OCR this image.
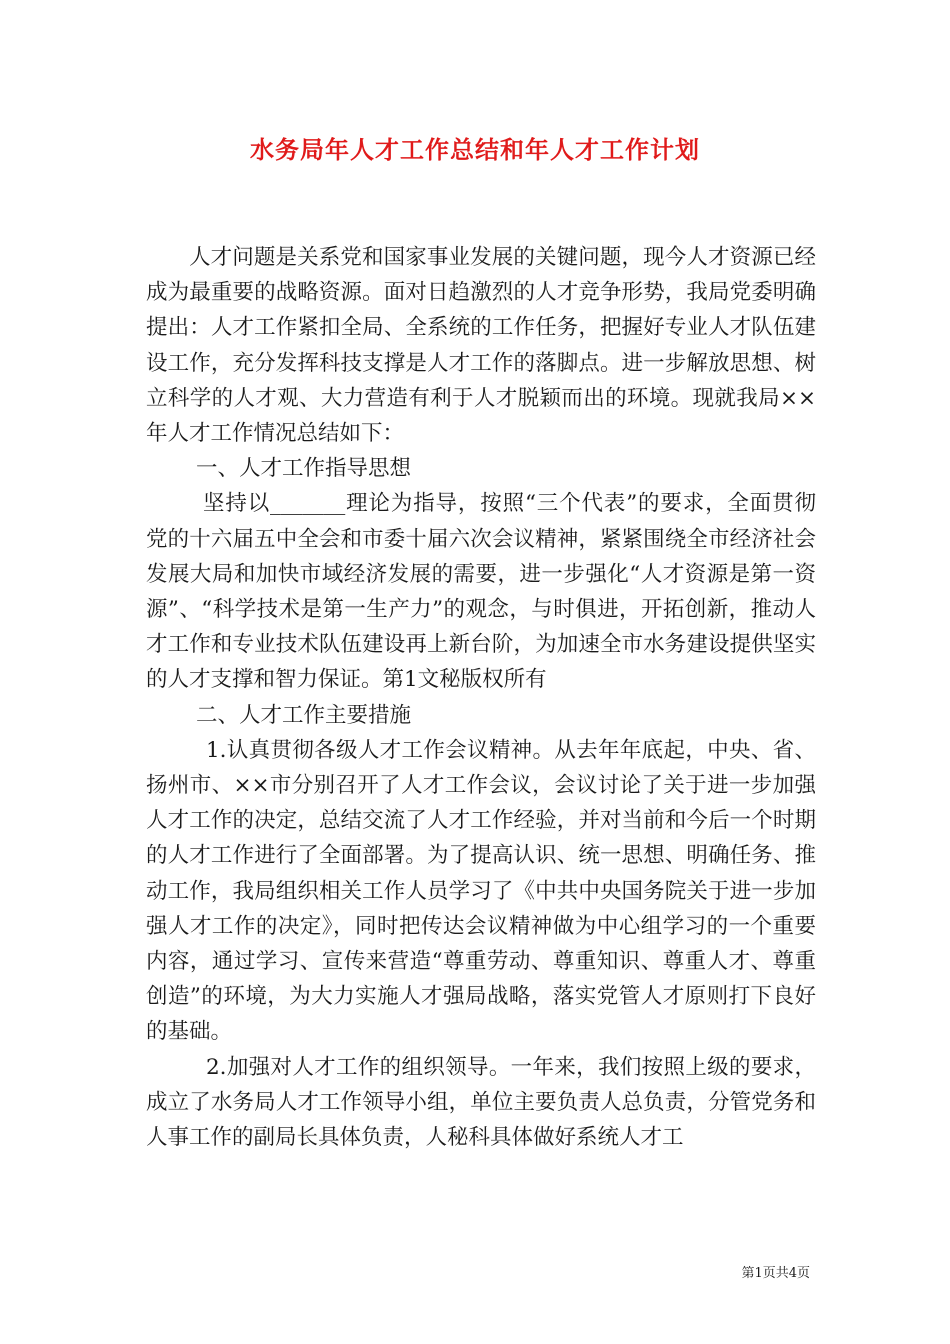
水务局年人才工作总结和年人才工作计划

人才问题是关系党和国家事业发展的关键问题，现今人才资源已经成为最重要的战略资源。面对日趋激烈的人才竞争形势，我局党委明确提出：人才工作紧扣全局、全系统的工作任务，把握好专业人才队伍建设工作，充分发挥科技支撑是人才工作的落脚点。进一步解放思想、树立科学的人才观、大力营造有利于人才脱颖而出的环境。现就我局××年人才工作情况总结如下：

一、人才工作指导思想

坚持以_______理论为指导，按照“三个代表”的要求，全面贯彻党的十六届五中全会和市委十届六次会议精神，紧紧围绕全市经济社会发展大局和加快市域经济发展的需要，进一步强化“人才资源是第一资源”、“科学技术是第一生产力”的观念，与时俱进，开拓创新，推动人才工作和专业技术队伍建设再上新台阶，为加速全市水务建设提供坚实的人才支撑和智力保证。第1文秘版权所有

二、人才工作主要措施

1.认真贯彻各级人才工作会议精神。从去年年底起，中央、省、扬州市、××市分别召开了人才工作会议，会议讨论了关于进一步加强人才工作的决定，总结交流了人才工作经验，并对当前和今后一个时期的人才工作进行了全面部署。为了提高认识、统一思想、明确任务、推动工作，我局组织相关工作人员学习了《中共中央国务院关于进一步加强人才工作的决定》，同时把传达会议精神做为中心组学习的一个重要内容，通过学习、宣传来营造“尊重劳动、尊重知识、尊重人才、尊重创造”的环境，为大力实施人才强局战略，落实党管人才原则打下良好的基础。

2.加强对人才工作的组织领导。一年来，我们按照上级的要求，成立了水务局人才工作领导小组，单位主要负责人总负责，分管党务和人事工作的副局长具体负责，人秘科具体做好系统人才工

第1页共4页
